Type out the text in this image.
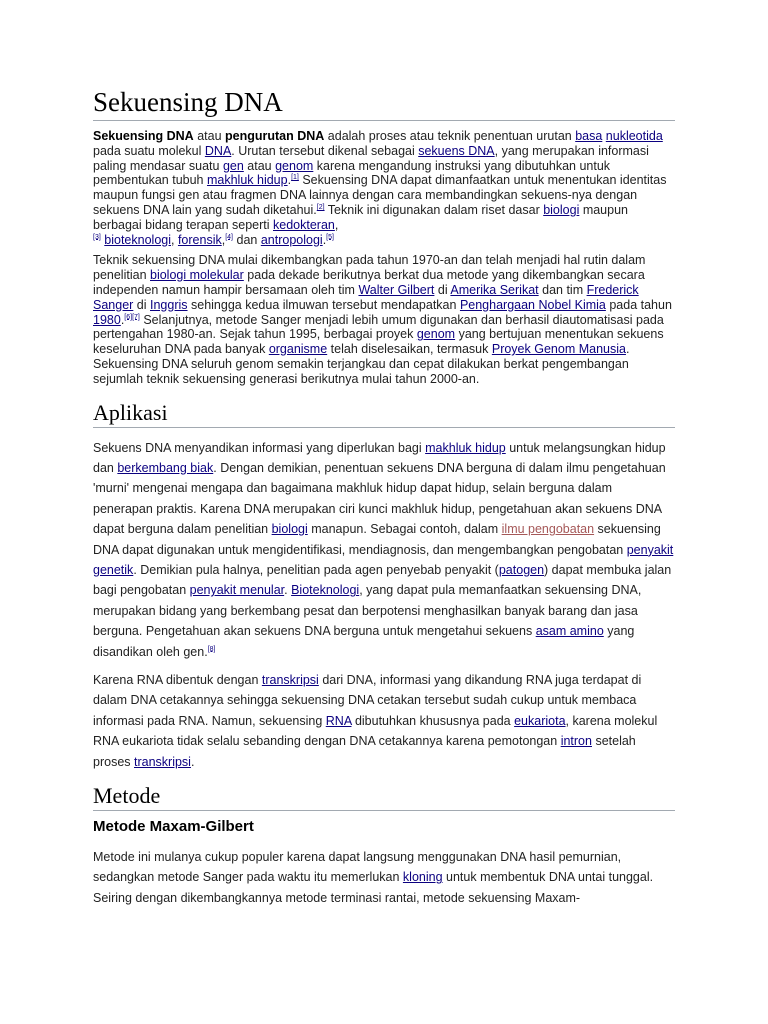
Sekuensing DNA

Sekuensing DNA atau pengurutan DNA adalah proses atau teknik penentuan urutan basa nukleotida pada suatu molekul DNA. Urutan tersebut dikenal sebagai sekuens DNA, yang merupakan informasi paling mendasar suatu gen atau genom karena mengandung instruksi yang dibutuhkan untuk pembentukan tubuh makhluk hidup.[1] Sekuensing DNA dapat dimanfaatkan untuk menentukan identitas maupun fungsi gen atau fragmen DNA lainnya dengan cara membandingkan sekuens-nya dengan sekuens DNA lain yang sudah diketahui.[2] Teknik ini digunakan dalam riset dasar biologi maupun berbagai bidang terapan seperti kedokteran,
[3] bioteknologi, forensik,[4] dan antropologi.[5]

Teknik sekuensing DNA mulai dikembangkan pada tahun 1970-an dan telah menjadi hal rutin dalam penelitian biologi molekular pada dekade berikutnya berkat dua metode yang dikembangkan secara independen namun hampir bersamaan oleh tim Walter Gilbert di Amerika Serikat dan tim Frederick Sanger di Inggris sehingga kedua ilmuwan tersebut mendapatkan Penghargaan Nobel Kimia pada tahun 1980.[6][7] Selanjutnya, metode Sanger menjadi lebih umum digunakan dan berhasil diautomatisasi pada pertengahan 1980-an. Sejak tahun 1995, berbagai proyek genom yang bertujuan menentukan sekuens keseluruhan DNA pada banyak organisme telah diselesaikan, termasuk Proyek Genom Manusia. Sekuensing DNA seluruh genom semakin terjangkau dan cepat dilakukan berkat pengembangan sejumlah teknik sekuensing generasi berikutnya mulai tahun 2000-an.

Aplikasi

Sekuens DNA menyandikan informasi yang diperlukan bagi makhluk hidup untuk melangsungkan hidup dan berkembang biak. Dengan demikian, penentuan sekuens DNA berguna di dalam ilmu pengetahuan 'murni' mengenai mengapa dan bagaimana makhluk hidup dapat hidup, selain berguna dalam penerapan praktis. Karena DNA merupakan ciri kunci makhluk hidup, pengetahuan akan sekuens DNA dapat berguna dalam penelitian biologi manapun. Sebagai contoh, dalam ilmu pengobatan sekuensing DNA dapat digunakan untuk mengidentifikasi, mendiagnosis, dan mengembangkan pengobatan penyakit genetik. Demikian pula halnya, penelitian pada agen penyebab penyakit (patogen) dapat membuka jalan bagi pengobatan penyakit menular. Bioteknologi, yang dapat pula memanfaatkan sekuensing DNA, merupakan bidang yang berkembang pesat dan berpotensi menghasilkan banyak barang dan jasa berguna. Pengetahuan akan sekuens DNA berguna untuk mengetahui sekuens asam amino yang disandikan oleh gen.[8]

Karena RNA dibentuk dengan transkripsi dari DNA, informasi yang dikandung RNA juga terdapat di dalam DNA cetakannya sehingga sekuensing DNA cetakan tersebut sudah cukup untuk membaca informasi pada RNA. Namun, sekuensing RNA dibutuhkan khususnya pada eukariota, karena molekul RNA eukariota tidak selalu sebanding dengan DNA cetakannya karena pemotongan intron setelah proses transkripsi.

Metode
Metode Maxam-Gilbert

Metode ini mulanya cukup populer karena dapat langsung menggunakan DNA hasil pemurnian, sedangkan metode Sanger pada waktu itu memerlukan kloning untuk membentuk DNA untai tunggal. Seiring dengan dikembangkannya metode terminasi rantai, metode sekuensing Maxam-
